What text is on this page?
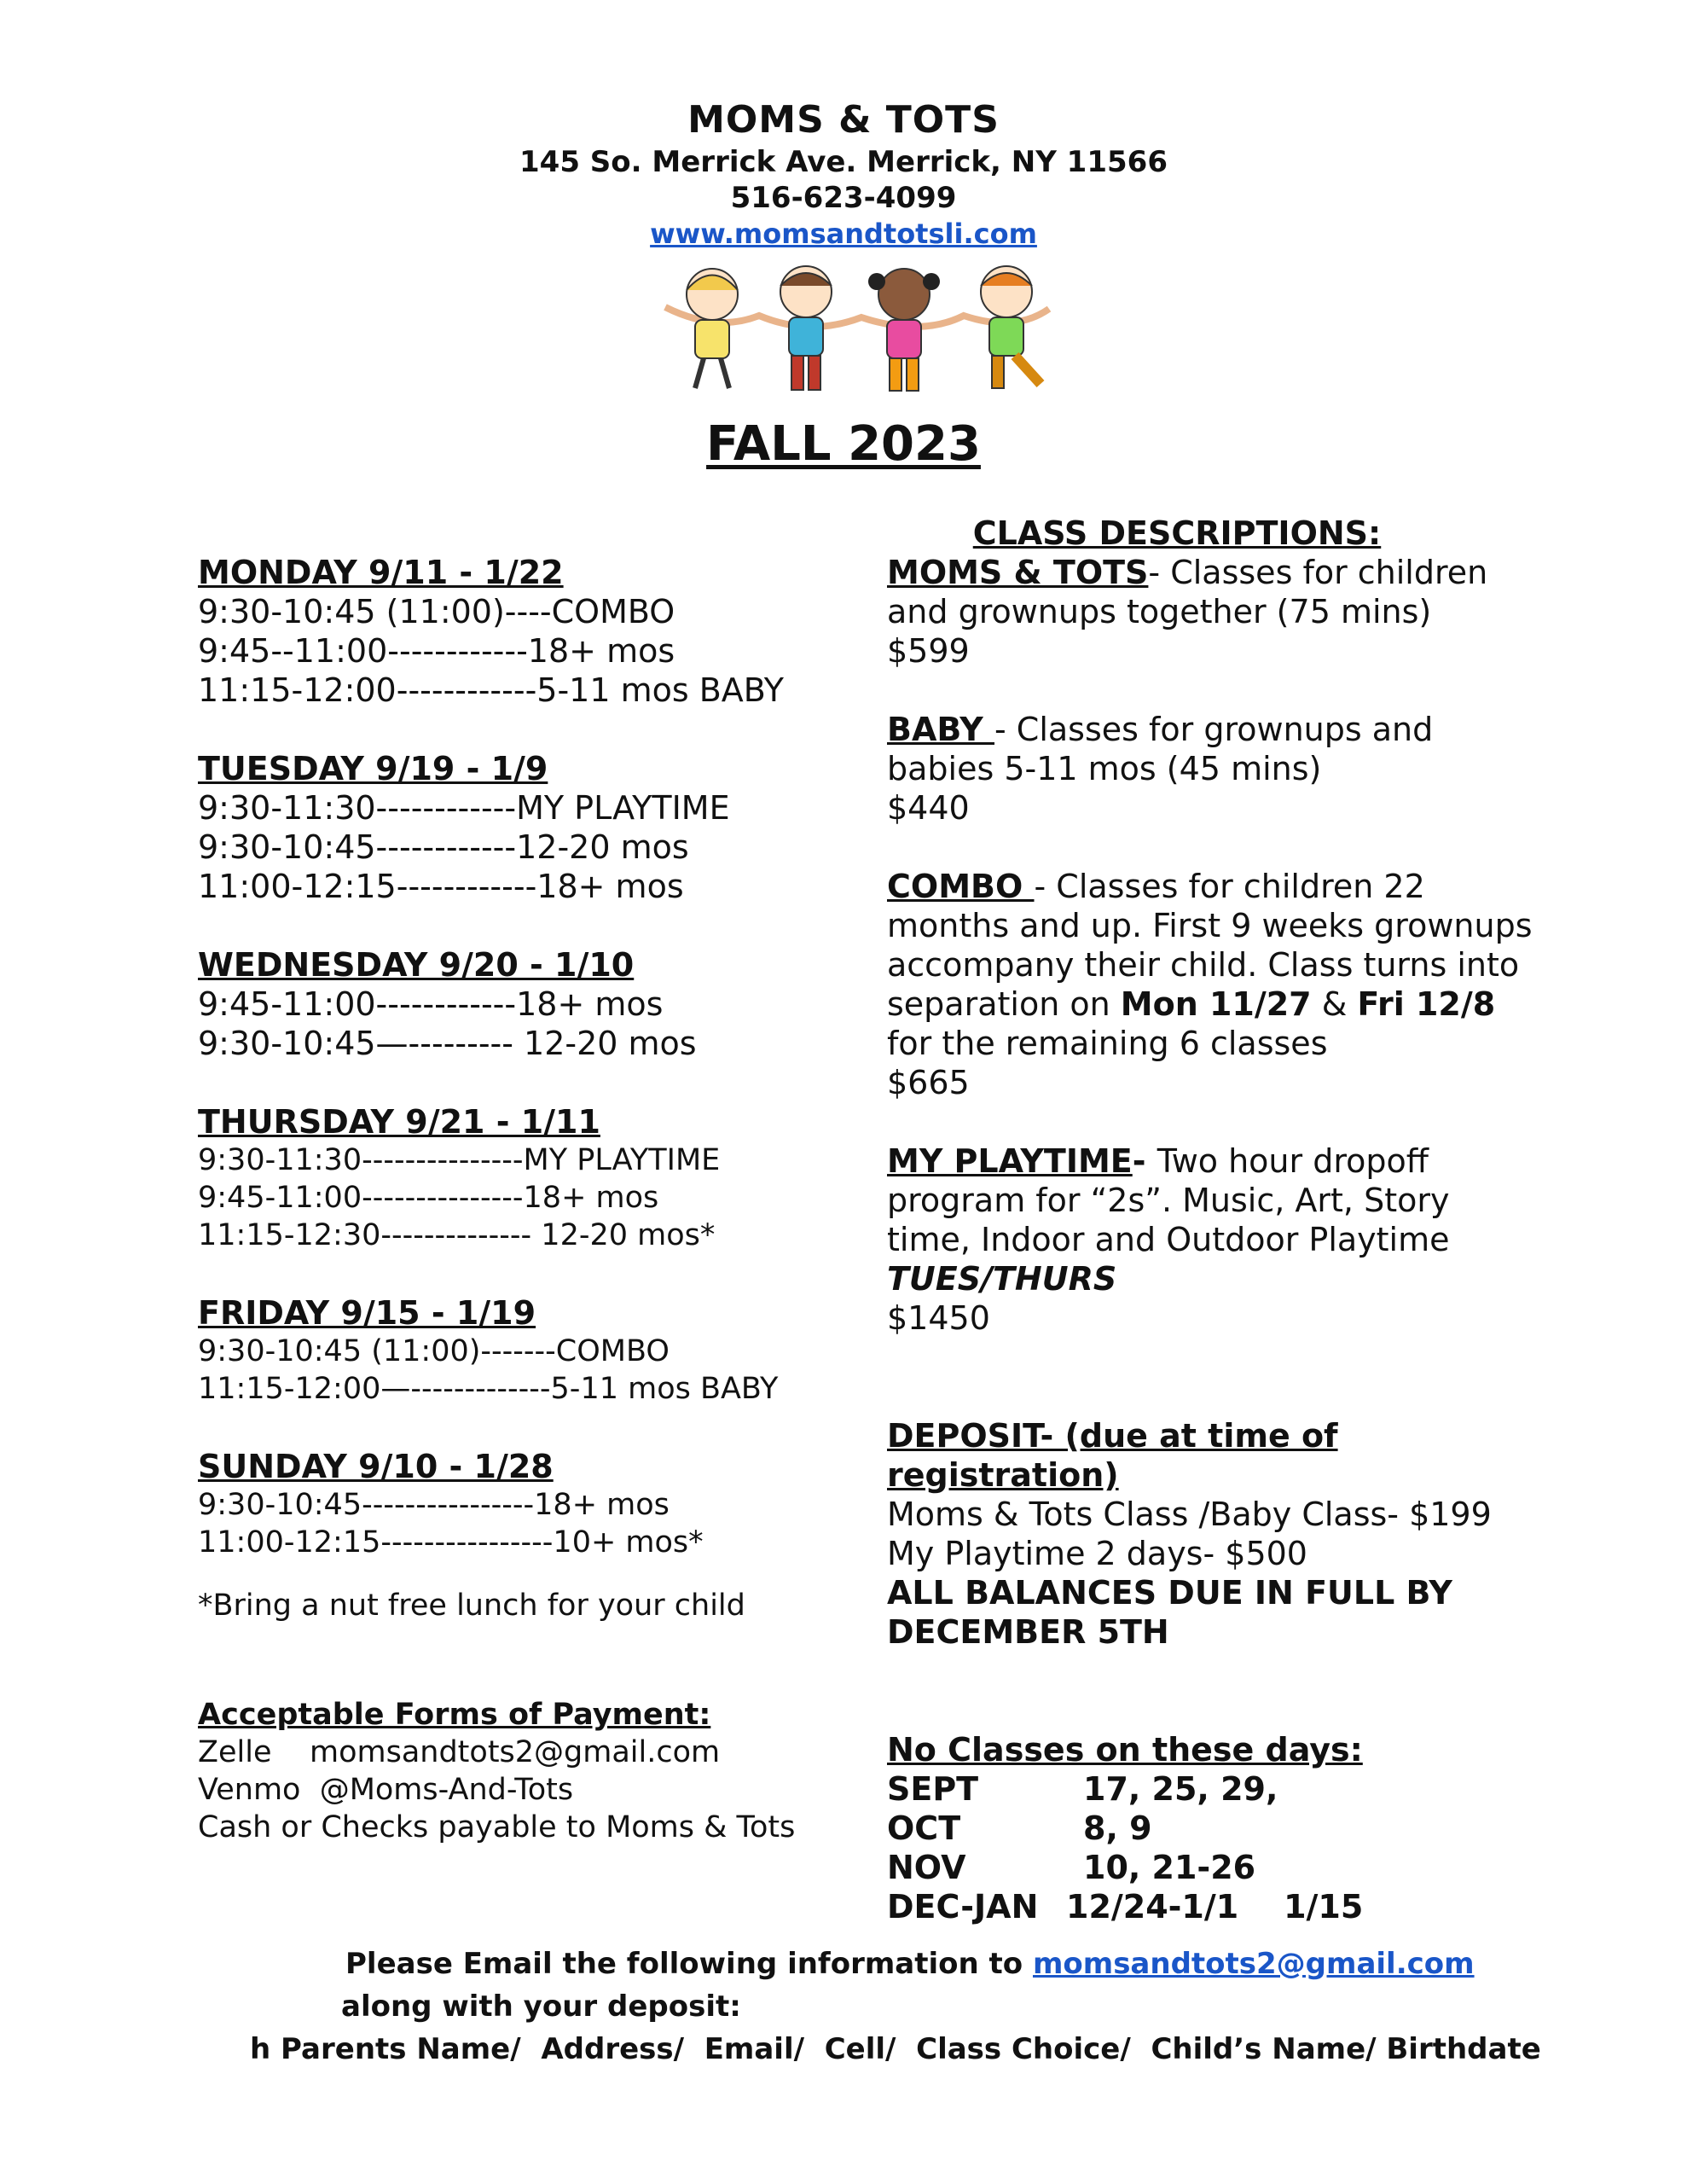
MOMS & TOTS
145 So. Merrick Ave. Merrick, NY 11566
516-623-4099
www.momsandtotsli.com
FALL 2023
MONDAY 9/11 - 1/22
9:30-10:45 (11:00)----COMBO
9:45--11:00------------18+ mos
11:15-12:00------------5-11 mos BABY
TUESDAY 9/19 - 1/9
9:30-11:30------------MY PLAYTIME
9:30-10:45------------12-20 mos
11:00-12:15------------18+ mos
WEDNESDAY 9/20 - 1/10
9:45-11:00------------18+ mos
9:30-10:45—--------- 12-20 mos
THURSDAY 9/21 - 1/11
9:30-11:30---------------MY PLAYTIME
9:45-11:00---------------18+ mos
11:15-12:30-------------- 12-20 mos*
FRIDAY 9/15 - 1/19
9:30-10:45 (11:00)-------COMBO
11:15-12:00—-------------5-11 mos BABY
SUNDAY 9/10 - 1/28
9:30-10:45----------------18+ mos
11:00-12:15----------------10+ mos*
*Bring a nut free lunch for your child
Acceptable Forms of Payment:
Zelle    momsandtots2@gmail.com
Venmo  @Moms-And-Tots
Cash or Checks payable to Moms & Tots
CLASS DESCRIPTIONS:
MOMS & TOTS- Classes for children and grownups together (75 mins)
$599
BABY - Classes for grownups and babies 5-11 mos (45 mins)
$440
COMBO - Classes for children 22 months and up. First 9 weeks grownups accompany their child. Class turns into separation on Mon 11/27 & Fri 12/8 for the remaining 6 classes
$665
MY PLAYTIME- Two hour dropoff program for “2s”. Music, Art, Story time, Indoor and Outdoor Playtime
TUES/THURS
$1450
DEPOSIT- (due at time of registration)
Moms & Tots Class /Baby Class- $199
My Playtime 2 days- $500
ALL BALANCES DUE IN FULL BY DECEMBER 5TH
No Classes on these days:
SEPT	17, 25, 29,
OCT	8, 9
NOV	10, 21-26
DEC-JAN 12/24-1/1    1/15
Please Email the following information to momsandtots2@gmail.com
along with your deposit:
h Parents Name/  Address/  Email/  Cell/  Class Choice/  Child’s Name/ Birthdate
